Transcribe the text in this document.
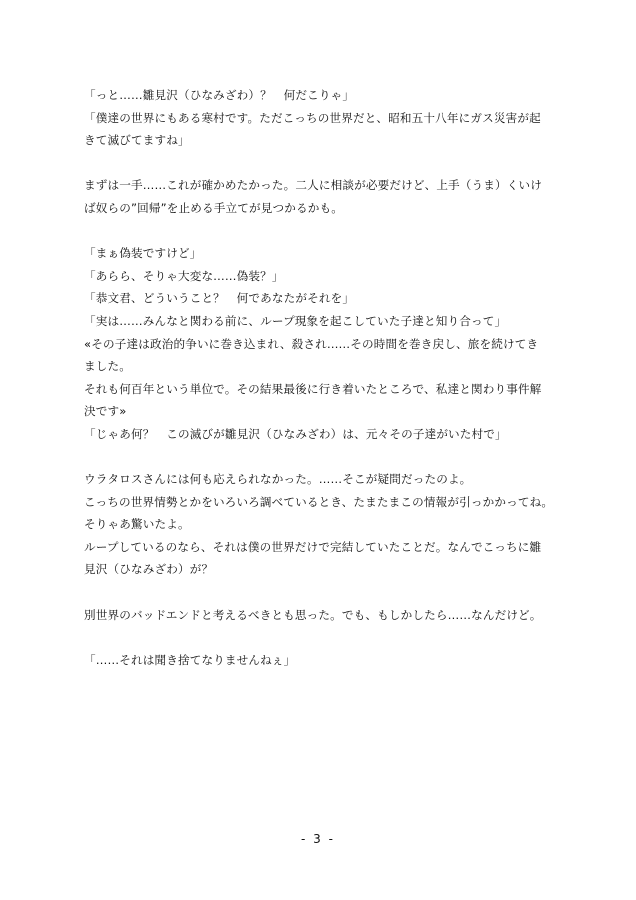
「っと……雛見沢（ひなみざわ）？　何だこりゃ」
「僕達の世界にもある寒村です。ただこっちの世界だと、昭和五十八年にガス災害が起
きて滅びてますね」
まずは一手……これが確かめたかった。二人に相談が必要だけど、上手（うま）くいけ
ば奴らの”回帰”を止める手立てが見つかるかも。
「まぁ偽装ですけど」
「あらら、そりゃ大変な……偽装？」
「恭文君、どういうこと？　何であなたがそれを」
「実は……みんなと関わる前に、ループ現象を起こしていた子達と知り合って」
«その子達は政治的争いに巻き込まれ、殺され……その時間を巻き戻し、旅を続けてき
ました。
それも何百年という単位で。その結果最後に行き着いたところで、私達と関わり事件解
決です»
「じゃあ何？　この滅びが雛見沢（ひなみざわ）は、元々その子達がいた村で」
ウラタロスさんには何も応えられなかった。……そこが疑問だったのよ。
こっちの世界情勢とかをいろいろ調べているとき、たまたまこの情報が引っかかってね。
そりゃあ驚いたよ。
ループしているのなら、それは僕の世界だけで完結していたことだ。なんでこっちに雛
見沢（ひなみざわ）が？
別世界のバッドエンドと考えるべきとも思った。でも、もしかしたら……なんだけど。
「……それは聞き捨てなりませんねぇ」
- 3 -
